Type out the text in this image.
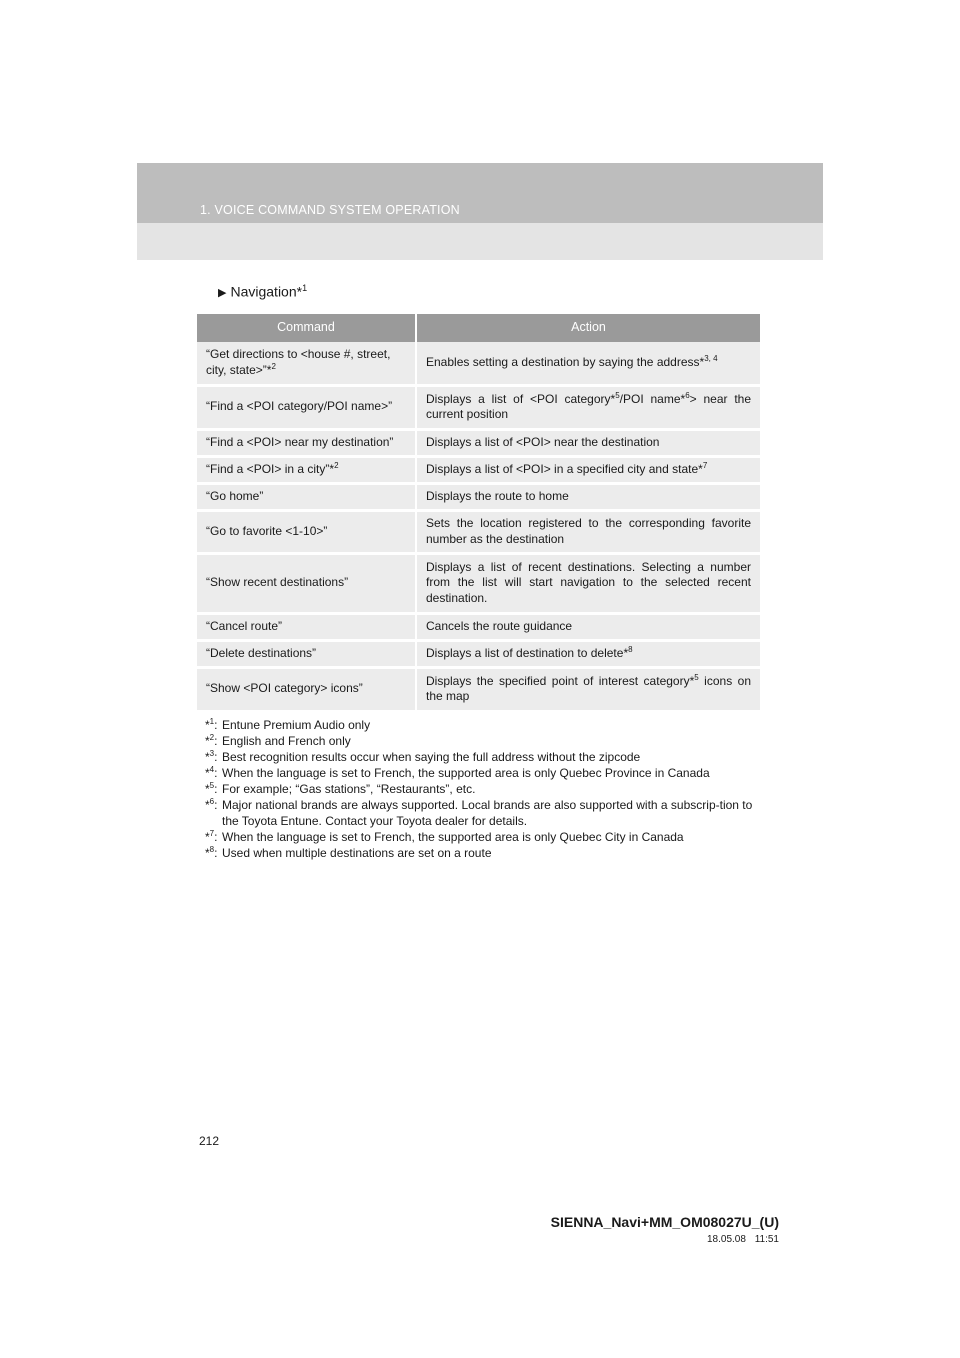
1. VOICE COMMAND SYSTEM OPERATION
▶ Navigation*$^1$
Command	Action
“Get directions to <house #, street, city, state>”*$^2$	Enables setting a destination by saying the address*$^{3, 4}$
“Find a <POI category/POI name>”	Displays a list of <POI category*$^5$/POI name*$^6$> near the current position
“Find a <POI> near my destination”	Displays a list of <POI> near the destination
“Find a <POI> in a city”*$^2$	Displays a list of <POI> in a specified city and state*$^7$
“Go home”	Displays the route to home
“Go to favorite <1-10>”	Sets the location registered to the corresponding favorite number as the destination
“Show recent destinations”	Displays a list of recent destinations. Selecting a number from the list will start navigation to the selected recent destination.
“Cancel route”	Cancels the route guidance
“Delete destinations”	Displays a list of destination to delete*$^8$
“Show <POI category> icons”	Displays the specified point of interest category*$^5$ icons on the map
*$^1$: Entune Premium Audio only
*$^2$: English and French only
*$^3$: Best recognition results occur when saying the full address without the zipcode
*$^4$: When the language is set to French, the supported area is only Quebec Province in Canada
*$^5$: For example; “Gas stations”, “Restaurants”, etc.
*$^6$: Major national brands are always supported. Local brands are also supported with a subscrip-tion to the Toyota Entune. Contact your Toyota dealer for details.
*$^7$: When the language is set to French, the supported area is only Quebec City in Canada
*$^8$: Used when multiple destinations are set on a route
212
SIENNA_Navi+MM_OM08027U_(U)
18.05.08 11:51
